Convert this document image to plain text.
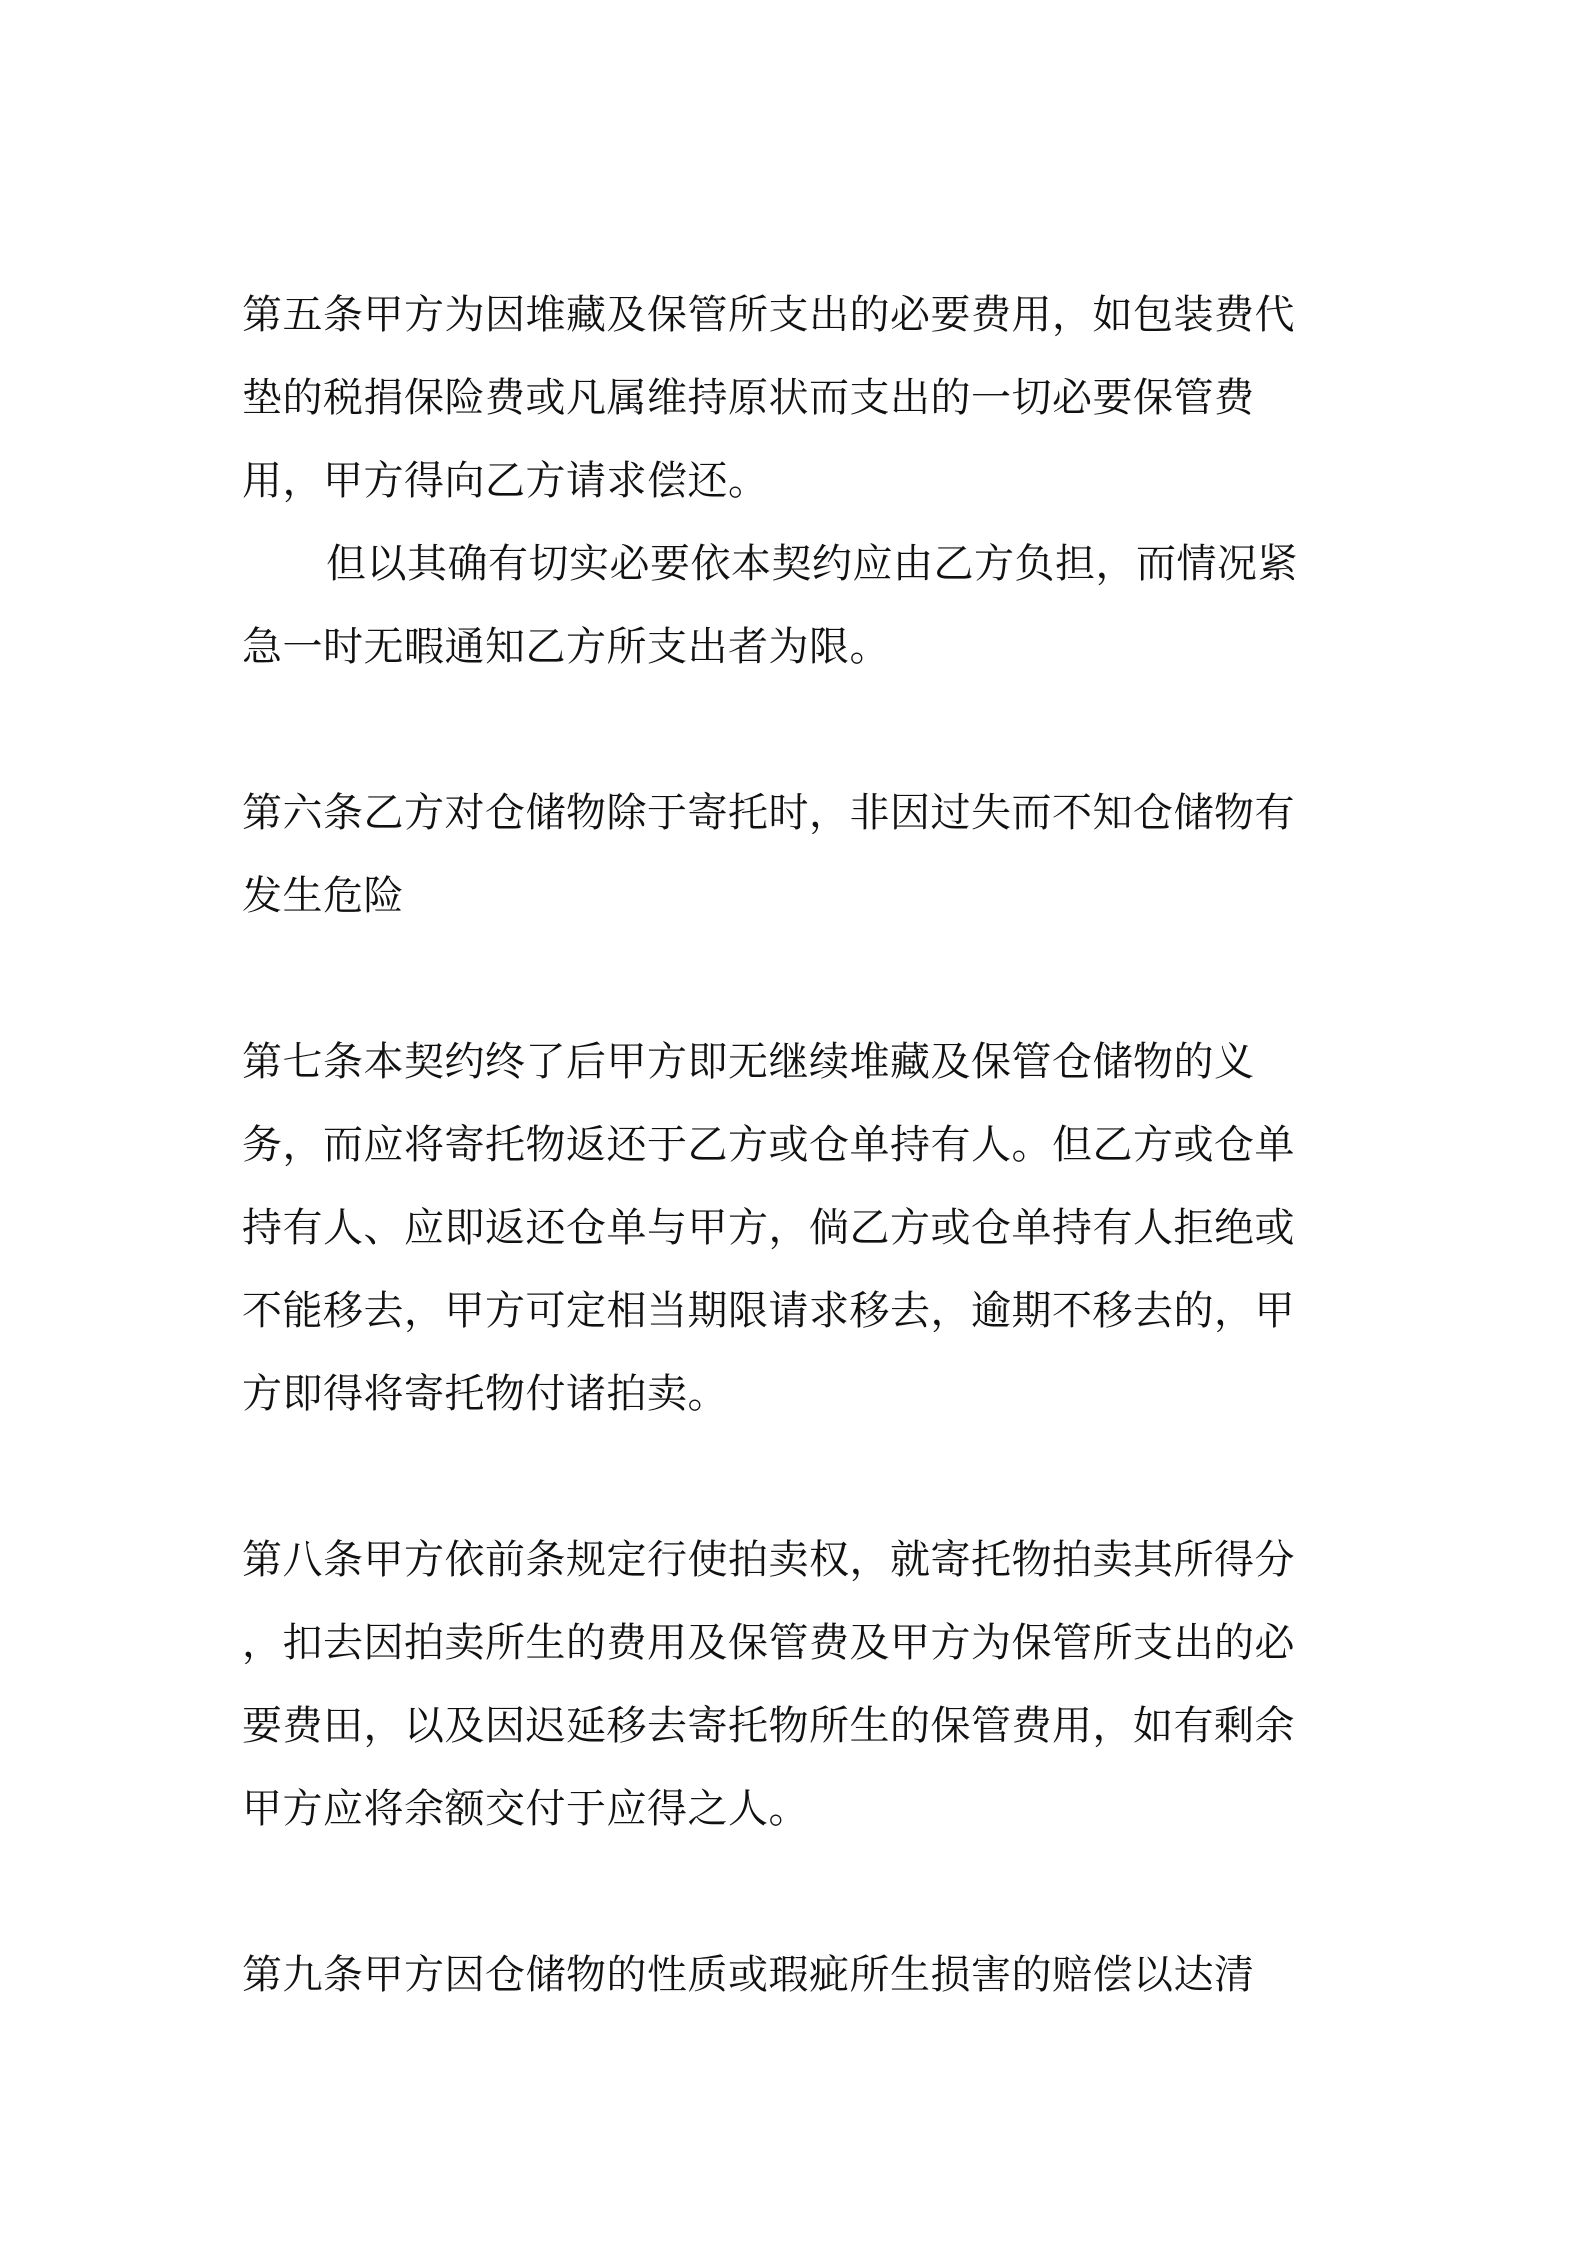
第五条甲方为因堆藏及保管所支出的必要费用，如包装费代

垫的税捐保险费或凡属维持原状而支出的一切必要保管费

用，甲方得向乙方请求偿还。

但以其确有切实必要依本契约应由乙方负担，而情况紧

急一时无暇通知乙方所支出者为限。

第六条乙方对仓储物除于寄托时，非因过失而不知仓储物有

发生危险

第七条本契约终了后甲方即无继续堆藏及保管仓储物的义

务，而应将寄托物返还于乙方或仓单持有人。但乙方或仓单

持有人、应即返还仓单与甲方，倘乙方或仓单持有人拒绝或

不能移去，甲方可定相当期限请求移去，逾期不移去的，甲

方即得将寄托物付诸拍卖。

第八条甲方依前条规定行使拍卖权，就寄托物拍卖其所得分

，扣去因拍卖所生的费用及保管费及甲方为保管所支出的必

要费田，以及因迟延移去寄托物所生的保管费用，如有剩余

甲方应将余额交付于应得之人。

第九条甲方因仓储物的性质或瑕疵所生损害的赔偿以达清
